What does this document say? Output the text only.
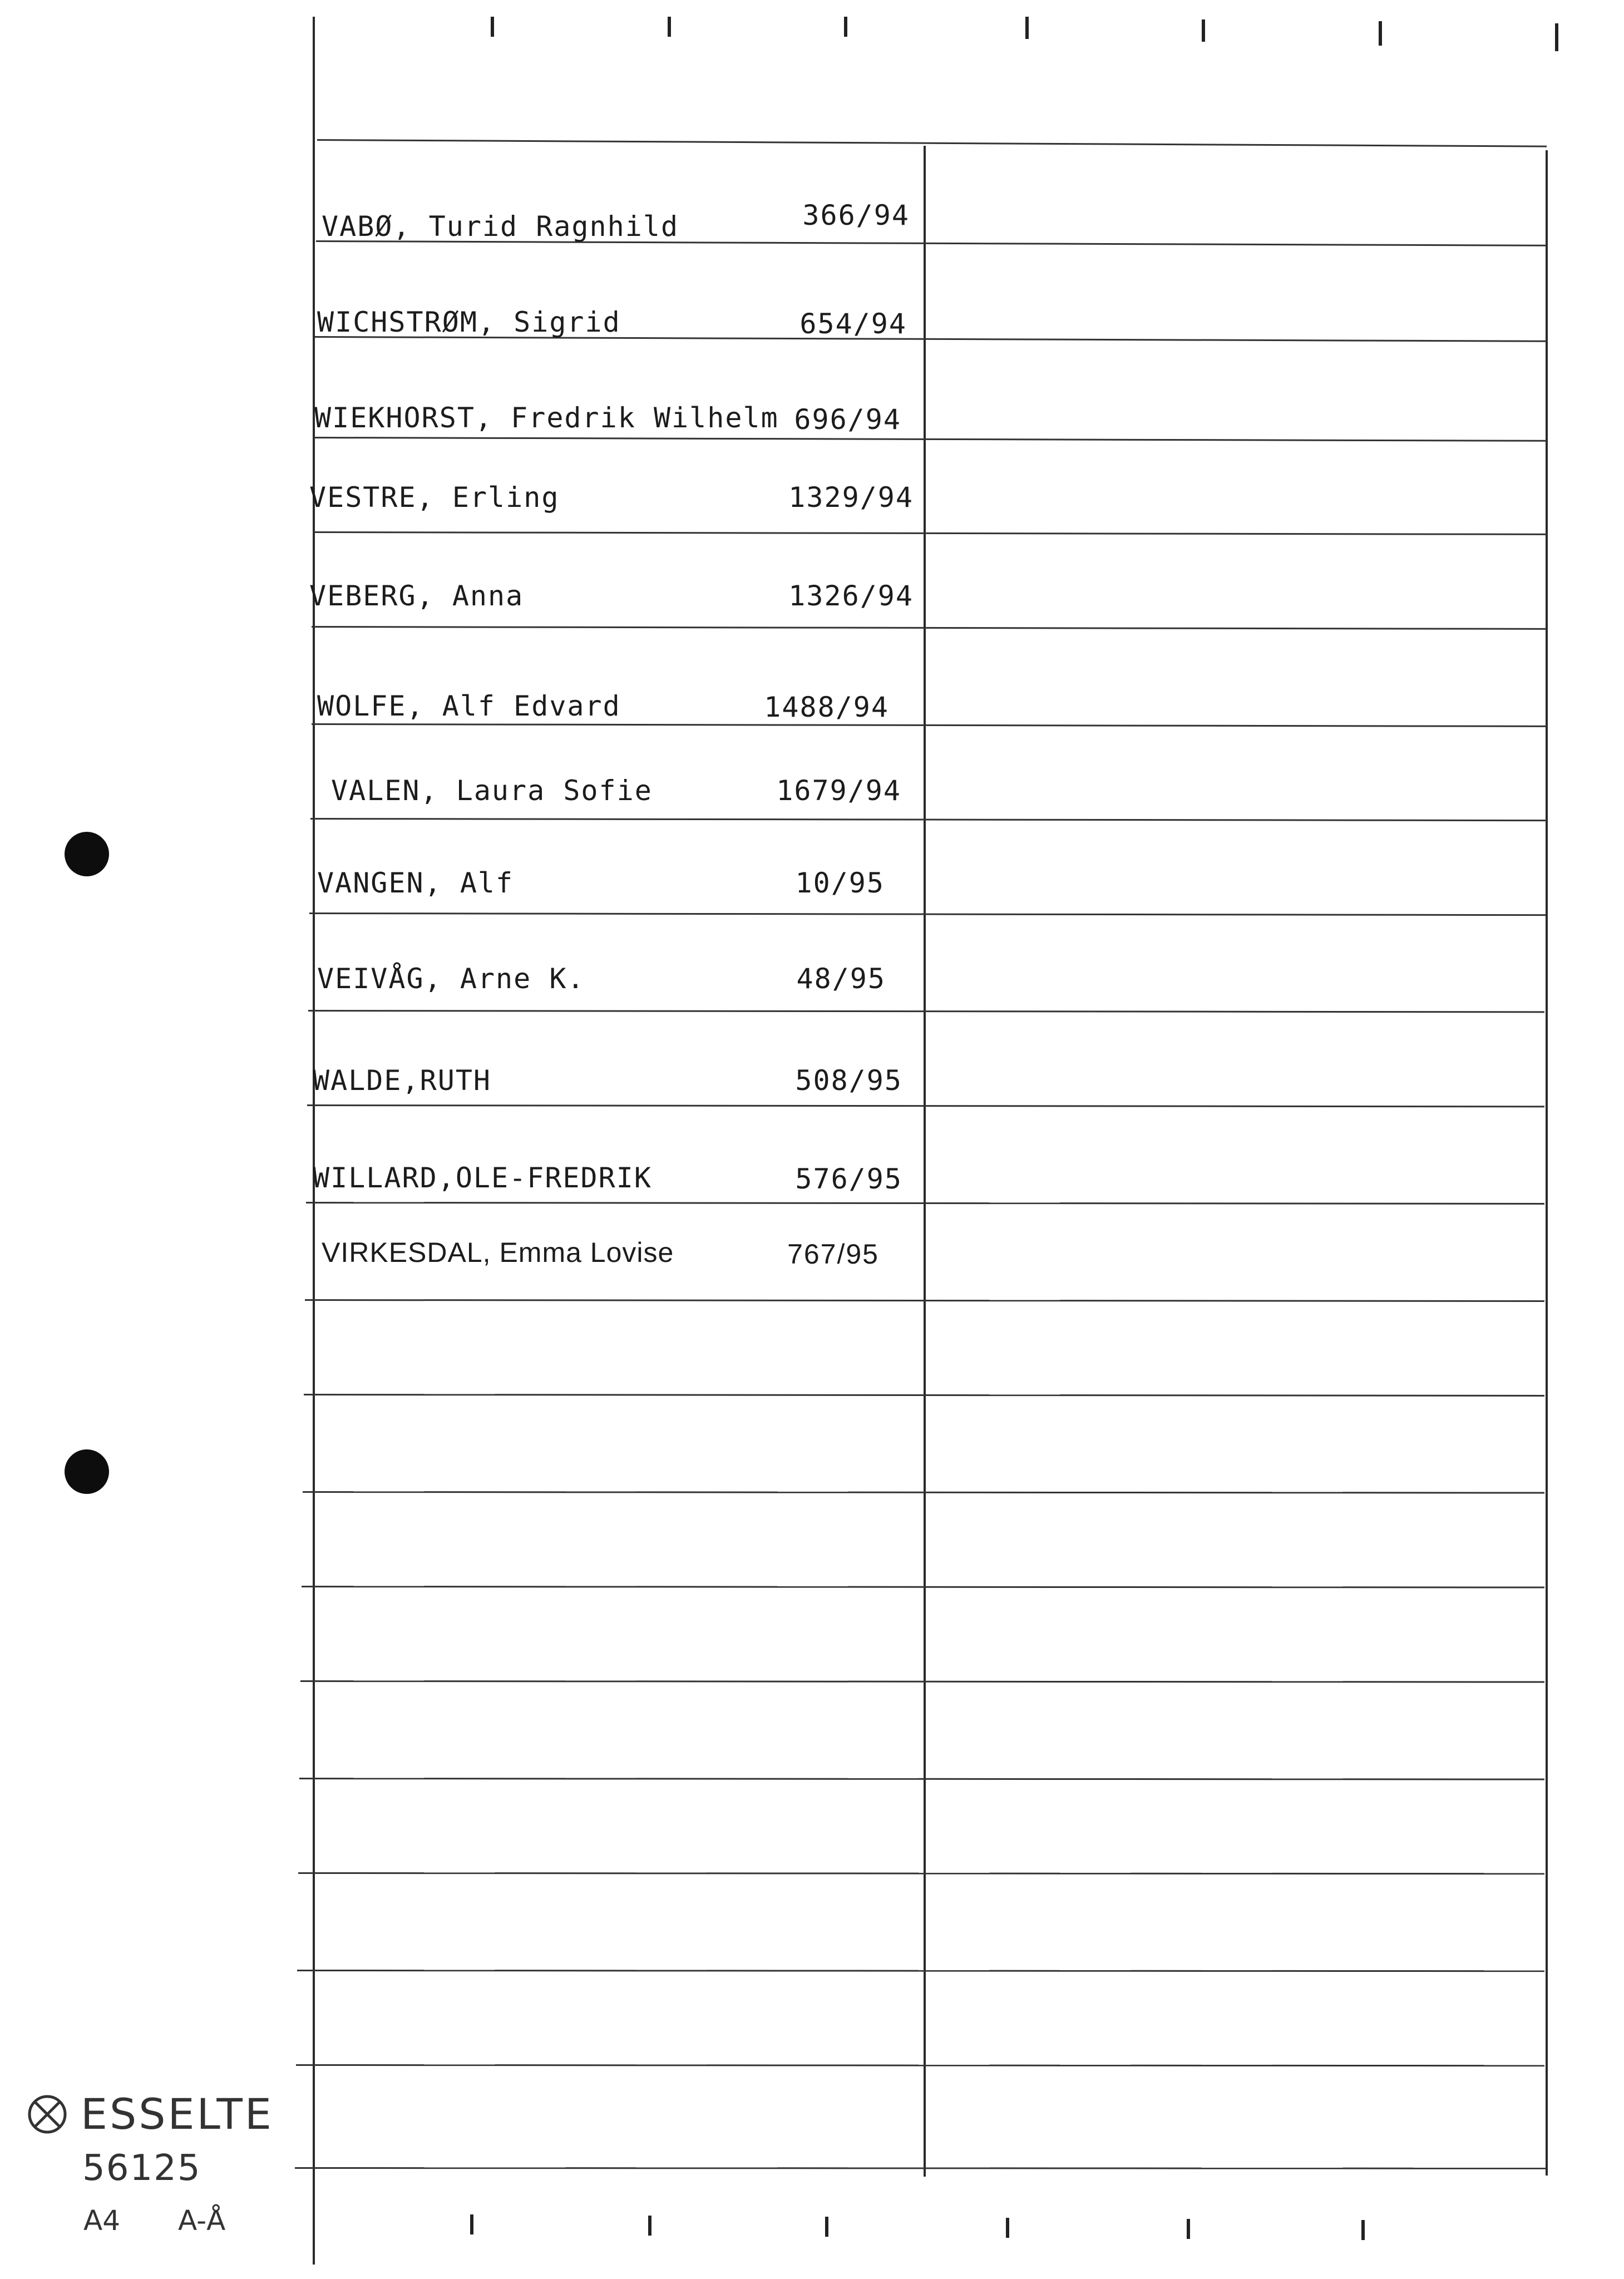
VABØ, Turid Ragnhild	366/94
WICHSTRØM, Sigrid	654/94
WIEKHORST, Fredrik Wilhelm 696/94
VESTRE, Erling	1329/94
VEBERG, Anna	1326/94
WOLFE, Alf Edvard	1488/94
VALEN, Laura Sofie	1679/94
VANGEN, Alf	10/95
VEIVÅG, Arne K.	48/95
WALDE,RUTH	508/95
WILLARD,OLE-FREDRIK	576/95
VIRKESDAL, Emma Lovise	767/95
ESSELTE
56125
A4 A-Å
